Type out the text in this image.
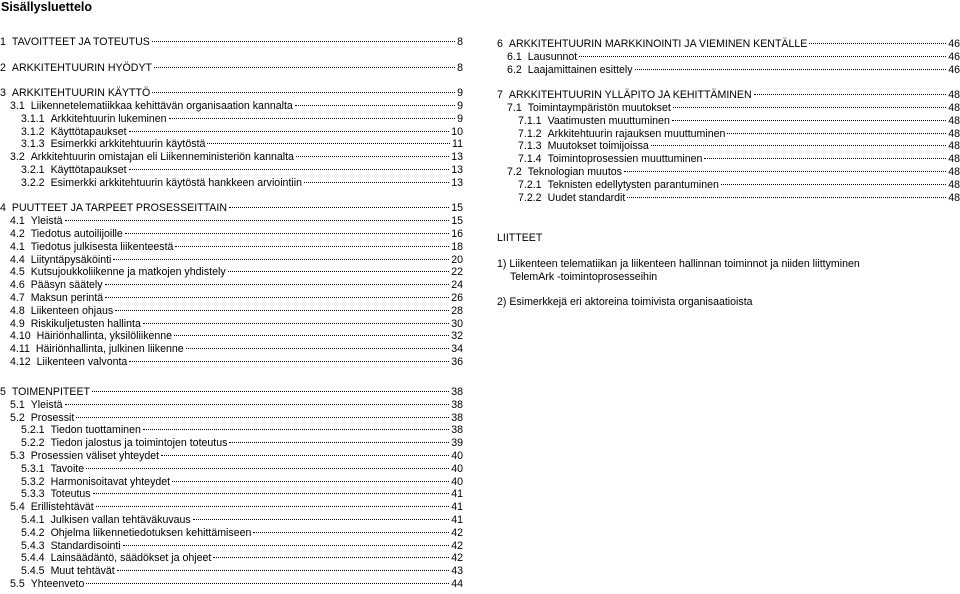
Sisällysluettelo
1 TAVOITTEET JA TOTEUTUS	8
2 ARKKITEHTUURIN HYÖDYT	8
3 ARKKITEHTUURIN KÄYTTÖ	9
3.1 Liikennetelematiikkaa kehittävän organisaation kannalta	9
3.1.1 Arkkitehtuurin lukeminen	9
3.1.2 Käyttötapaukset	10
3.1.3 Esimerkki arkkitehtuurin käytöstä	11
3.2 Arkkitehtuurin omistajan eli Liikenneministeriön kannalta	13
3.2.1 Käyttötapaukset	13
3.2.2 Esimerkki arkkitehtuurin käytöstä hankkeen arviointiin	13
4 PUUTTEET JA TARPEET PROSESSEITTAIN	15
4.1 Yleistä	15
4.2 Tiedotus autoilijoille	16
4.1 Tiedotus julkisesta liikenteestä	18
4.4 Liityntäpysäköinti	20
4.5 Kutsujoukkoliikenne ja matkojen yhdistely	22
4.6 Pääsyn säätely	24
4.7 Maksun perintä	26
4.8 Liikenteen ohjaus	28
4.9 Riskikuljetusten hallinta	30
4.10 Häiriönhallinta, yksilöliikenne	32
4.11 Häiriönhallinta, julkinen liikenne	34
4.12 Liikenteen valvonta	36
5 TOIMENPITEET	38
5.1 Yleistä	38
5.2 Prosessit	38
5.2.1 Tiedon tuottaminen	38
5.2.2 Tiedon jalostus ja toimintojen toteutus	39
5.3 Prosessien väliset yhteydet	40
5.3.1 Tavoite	40
5.3.2 Harmonisoitavat yhteydet	40
5.3.3 Toteutus	41
5.4 Erillistehtävät	41
5.4.1 Julkisen vallan tehtäväkuvaus	41
5.4.2 Ohjelma liikennetiedotuksen kehittämiseen	42
5.4.3 Standardisointi	42
5.4.4 Lainsäädäntö, säädökset ja ohjeet	42
5.4.5 Muut tehtävät	43
5.5 Yhteenveto	44
6 ARKKITEHTUURIN MARKKINOINTI JA VIEMINEN KENTÄLLE	46
6.1 Lausunnot	46
6.2 Laajamittainen esittely	46
7 ARKKITEHTUURIN YLLÄPITO JA KEHITTÄMINEN	48
7.1 Toimintaympäristön muutokset	48
7.1.1 Vaatimusten muuttuminen	48
7.1.2 Arkkitehtuurin rajauksen muuttuminen	48
7.1.3 Muutokset toimijoissa	48
7.1.4 Toimintoprosessien muuttuminen	48
7.2 Teknologian muutos	48
7.2.1 Teknisten edellytysten parantuminen	48
7.2.2 Uudet standardit	48
LIITTEET
1) Liikenteen telematiikan ja liikenteen hallinnan toiminnot ja niiden liittyminen
TelemArk -toimintoprosesseihin
2) Esimerkkejä eri aktoreina toimivista organisaatioista
